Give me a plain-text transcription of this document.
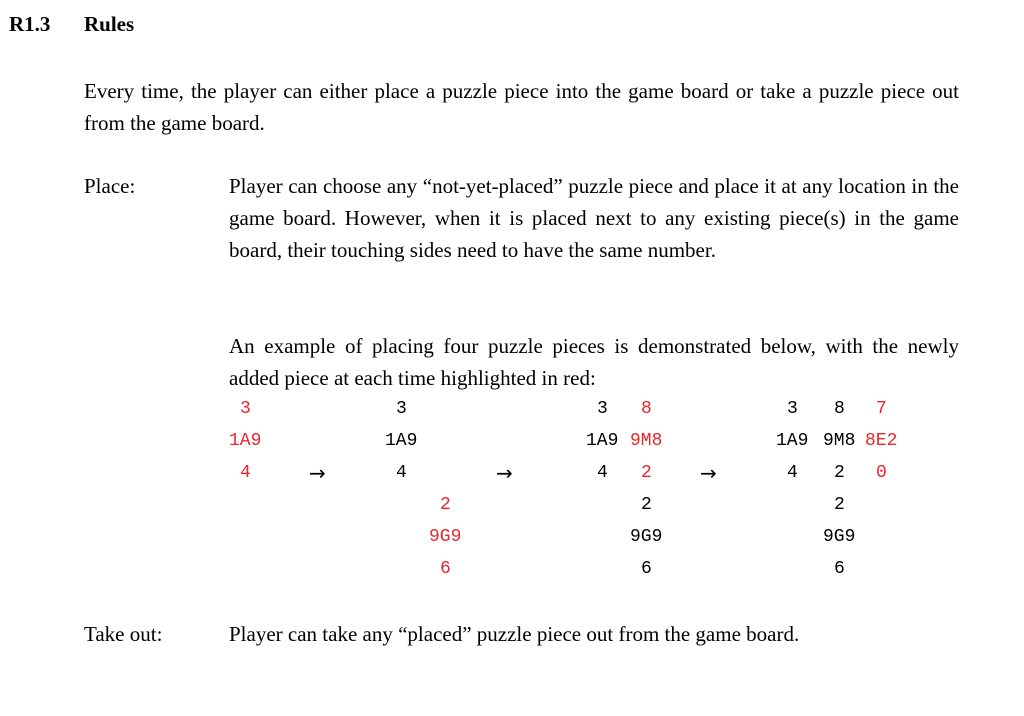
R1.3 Rules
Every time, the player can either place a puzzle piece into the game board or take a puzzle piece out from the game board.
Place:	Player can choose any “not-yet-placed” puzzle piece and place it at any location in the game board. However, when it is placed next to any existing piece(s) in the game board, their touching sides need to have the same number.
An example of placing four puzzle pieces is demonstrated below, with the newly added piece at each time highlighted in red:
3
1A9
4	→
3
1A9
4
2
9G9
6
→
3
1A9
4
8
9M8
2
2
9G9
6
→
3
1A9
4
8
9M8
2
7
8E2
0
2
9G9
6
Take out:	Player can take any “placed” puzzle piece out from the game board.
